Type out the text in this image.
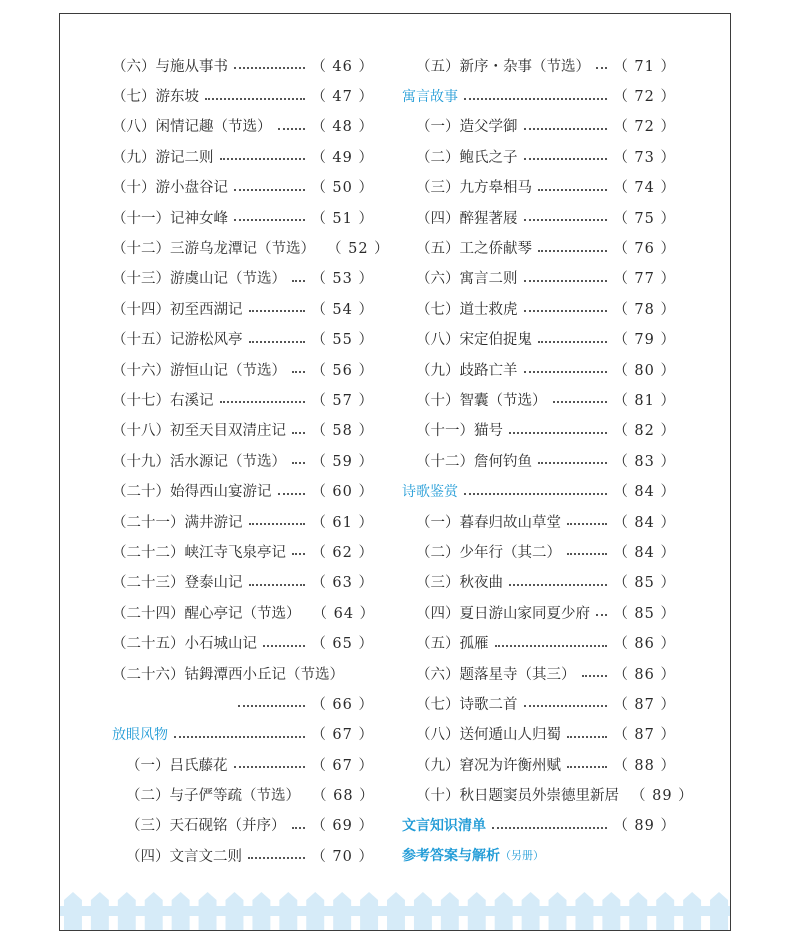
（六）与施从事书	（ 46 ）
（七）游东坡	（ 47 ）
（八）闲情记趣（节选）	（ 48 ）
（九）游记二则	（ 49 ）
（十）游小盘谷记	（ 50 ）
（十一）记神女峰	（ 51 ）
（十二）三游乌龙潭记（节选） （ 52 ）
（十三）游虞山记（节选） （ 53 ）
（十四）初至西湖记	（ 54 ）
（十五）记游松风亭	（ 55 ）
（十六）游恒山记（节选） （ 56 ）
（十七）右溪记	（ 57 ）
（十八）初至天目双清庄记 （ 58 ）
（十九）活水源记（节选） （ 59 ）
（二十）始得西山宴游记	（ 60 ）
（二十一）满井游记	（ 61 ）
（二十二）峡江寺飞泉亭记 （ 62 ）
（二十三）登泰山记	（ 63 ）
（二十四）醒心亭记（节选） （ 64 ）
（二十五）小石城山记	（ 65 ）
（二十六）钴鉧潭西小丘记（节选）
（ 66 ）
放眼风物	（ 67 ）
（一）吕氏藤花	（ 67 ）
（二）与子俨等疏（节选） （ 68 ）
（三）天石砚铭（并序） （ 69 ）
（四）文言文二则	（ 70 ）
（五）新序・杂事（节选） （ 71 ）
寓言故事	（ 72 ）
（一）造父学御	（ 72 ）
（二）鲍氏之子	（ 73 ）
（三）九方皋相马	（ 74 ）
（四）醉猩著屐	（ 75 ）
（五）工之侨献琴	（ 76 ）
（六）寓言二则	（ 77 ）
（七）道士救虎	（ 78 ）
（八）宋定伯捉鬼	（ 79 ）
（九）歧路亡羊	（ 80 ）
（十）智囊（节选）	（ 81 ）
（十一）猫号	（ 82 ）
（十二）詹何钓鱼	（ 83 ）
诗歌鉴赏	（ 84 ）
（一）暮春归故山草堂	（ 84 ）
（二）少年行（其二）	（ 84 ）
（三）秋夜曲	（ 85 ）
（四）夏日游山家同夏少府 （ 85 ）
（五）孤雁	（ 86 ）
（六）题落星寺（其三）	（ 86 ）
（七）诗歌二首	（ 87 ）
（八）送何遁山人归蜀	（ 87 ）
（九）窘况为许衡州赋	（ 88 ）
（十）秋日题窦员外崇德里新居 （ 89 ）
文言知识清单	（ 89 ）
参考答案与解析 （另册）
